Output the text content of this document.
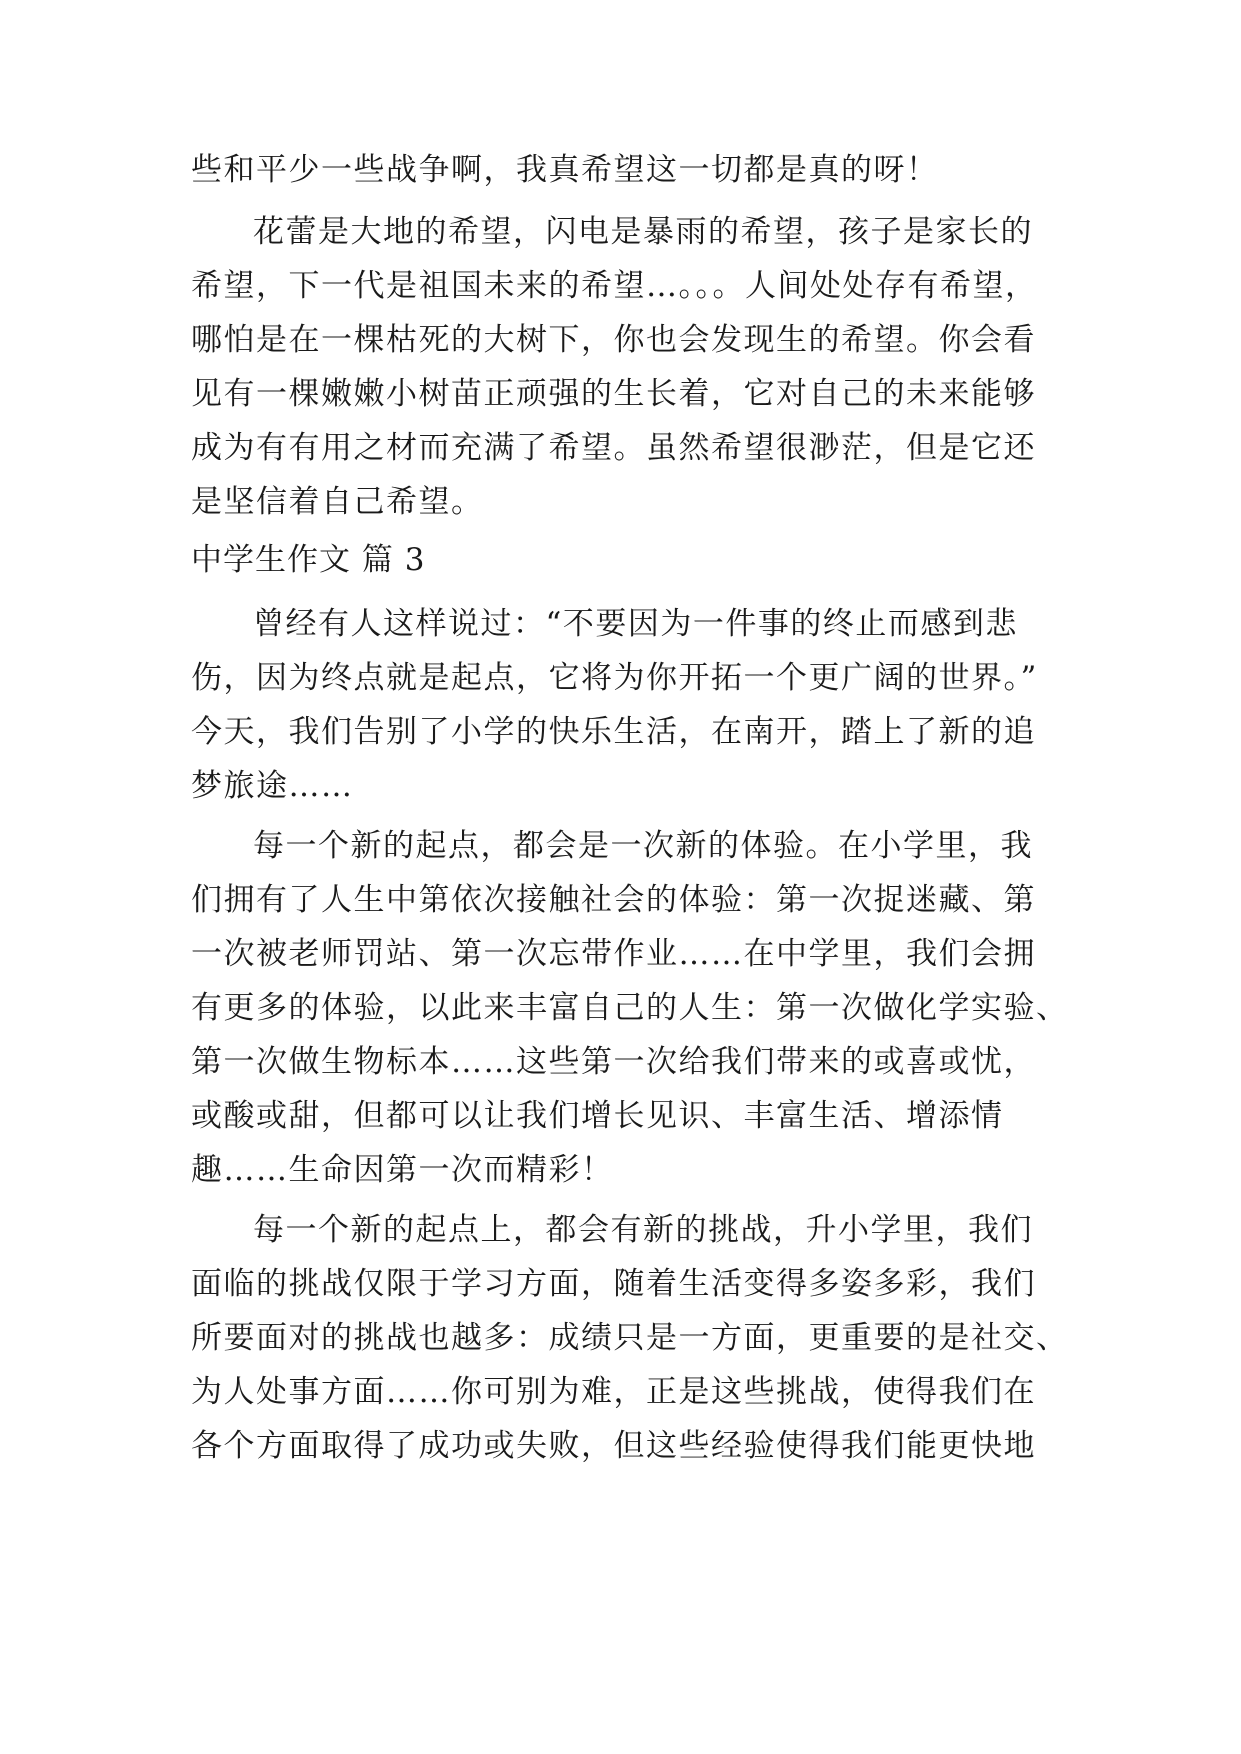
些和平少一些战争啊，我真希望这一切都是真的呀！

花蕾是大地的希望，闪电是暴雨的希望，孩子是家长的

希望，下一代是祖国未来的希望…。。。人间处处存有希望，

哪怕是在一棵枯死的大树下，你也会发现生的希望。你会看

见有一棵嫩嫩小树苗正顽强的生长着，它对自己的未来能够

成为有有用之材而充满了希望。虽然希望很渺茫，但是它还

是坚信着自己希望。

中学生作文 篇 3

曾经有人这样说过：“不要因为一件事的终止而感到悲

伤，因为终点就是起点，它将为你开拓一个更广阔的世界。”

今天，我们告别了小学的快乐生活，在南开，踏上了新的追

梦旅途……

每一个新的起点，都会是一次新的体验。在小学里，我

们拥有了人生中第依次接触社会的体验：第一次捉迷藏、第

一次被老师罚站、第一次忘带作业……在中学里，我们会拥

有更多的体验，以此来丰富自己的人生：第一次做化学实验、

第一次做生物标本……这些第一次给我们带来的或喜或忧，

或酸或甜，但都可以让我们增长见识、丰富生活、增添情

趣……生命因第一次而精彩！

每一个新的起点上，都会有新的挑战，升小学里，我们

面临的挑战仅限于学习方面，随着生活变得多姿多彩，我们

所要面对的挑战也越多：成绩只是一方面，更重要的是社交、

为人处事方面……你可别为难，正是这些挑战，使得我们在

各个方面取得了成功或失败，但这些经验使得我们能更快地
